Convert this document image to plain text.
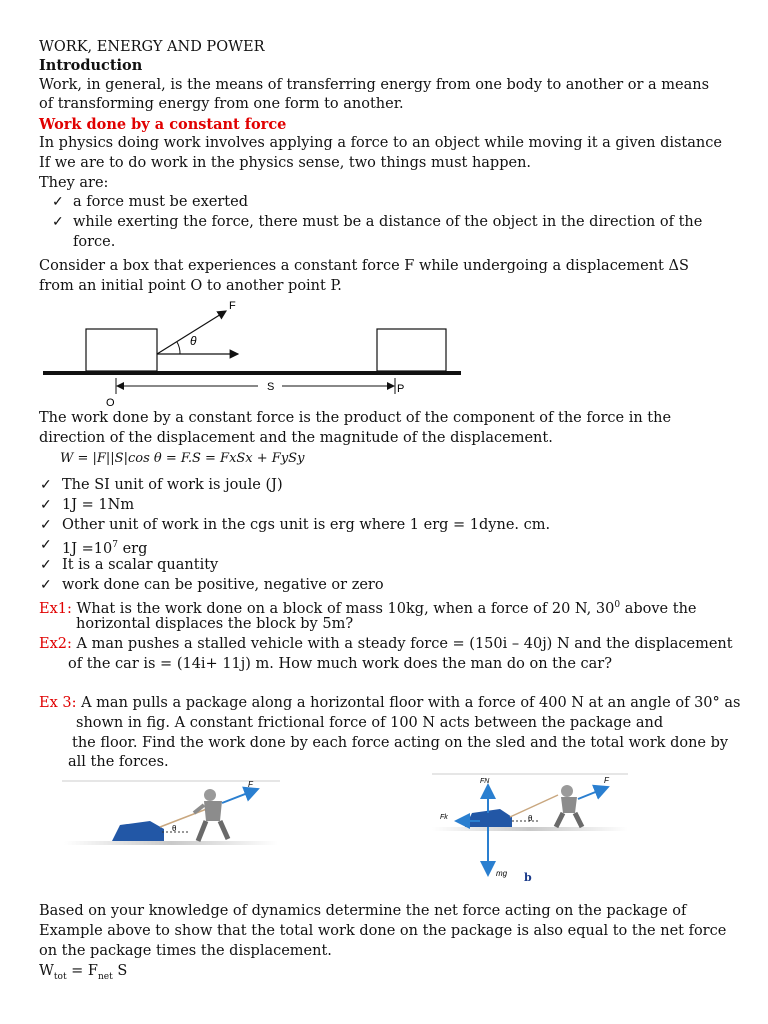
WORK, ENERGY AND POWER
Introduction
Work, in general, is the means of transferring energy from one body to another or a means
of transforming energy from one form to another.
Work done by a constant force
In physics doing work involves applying a force to an object while moving it a given distance
If we are to do work in the physics sense, two things must happen.
They are:
✓ a force must be exerted
✓ while exerting the force, there must be a distance of the object in the direction of the
force.
Consider a box that experiences a constant force F while undergoing a displacement ΔS
from an initial point O to another point P.
F
θ
S
O
P
The work done by a constant force is the product of the component of the force in the
direction of the displacement and the magnitude of the displacement.
W = |F||S|cos θ = F.S = FxSx + FySy
✓ The SI unit of work is joule (J)
✓ 1J = 1Nm
✓ Other unit of work in the cgs unit is erg where 1 erg = 1dyne. cm.
✓ $1J =10^7$ erg
✓ It is a scalar quantity
✓ work done can be positive, negative or zero
Ex1: What is the work done on a block of mass 10kg, when a force of 20 N, $30^0$ above the
horizontal displaces the block by 5m?
Ex2: A man pushes a stalled vehicle with a steady force = (150i – 40j) N and the displacement
of the car is = (14i+ 11j) m. How much work does the man do on the car?
Ex 3: A man pulls a package along a horizontal floor with a force of 400 N at an angle of 30° as
shown in fig. A constant frictional force of 100 N acts between the package and
the floor. Find the work done by each force acting on the sled and the total work done by
all the forces.
θ
F	FN
Fk
mg
θ
F
b
Based on your knowledge of dynamics determine the net force acting on the package of
Example above to show that the total work done on the package is also equal to the net force
on the package times the displacement.
$W_{tot} = F_{net}$ S
